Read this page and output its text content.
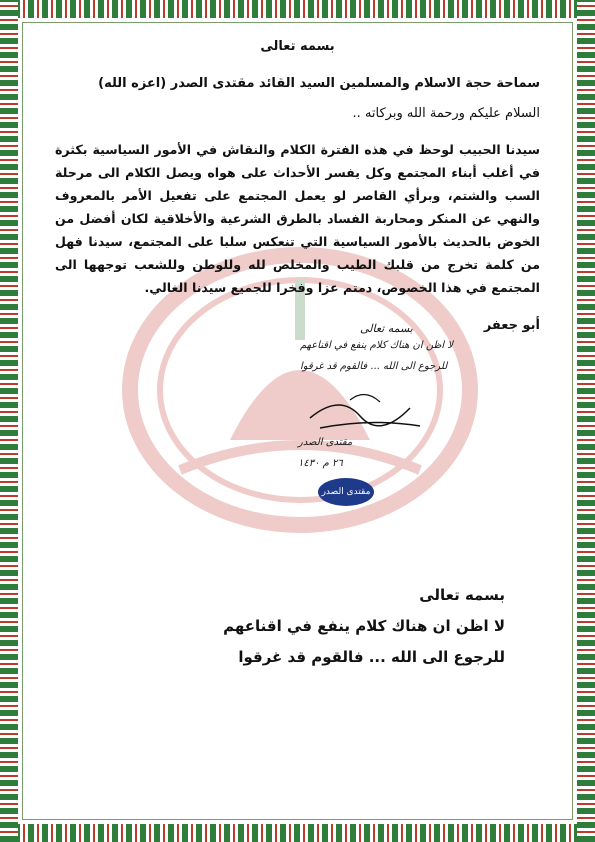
بسمه تعالى
سماحة حجة الاسلام والمسلمين السيد القائد مقتدى الصدر (اعزه الله)
السلام عليكم ورحمة الله وبركاته ..
سيدنا الحبيب لوحظ في هذه الفترة الكلام والنقاش في الأمور السياسية بكثرة في أغلب أبناء المجتمع وكل يفسر الأحداث على هواه ويصل الكلام الى مرحلة السب والشتم، وبرأي القاصر لو يعمل المجتمع على تفعيل الأمر بالمعروف والنهي عن المنكر ومحاربة الفساد بالطرق الشرعية والأخلاقية لكان أفضل من الخوض بالحديث بالأمور السياسية التي تنعكس سلبا على المجتمع، سيدنا فهل من كلمة تخرج من قلبك الطيب والمخلص لله وللوطن وللشعب توجهها الى المجتمع في هذا الخصوص، دمتم عزا وفخرا للجميع سيدنا الغالي.
أبو جعفر
بسمه تعالى
لا اظن ان هناك كلام ينفع في اقناعهم
للرجوع الى الله ... فالقوم قد غرقوا
مقتدى الصدر
٢٦ م ١٤٣٠
مقتدى الصدر
بسمه تعالى
لا اظن ان هناك كلام ينفع في اقناعهم
للرجوع الى الله ... فالقوم قد غرقوا
